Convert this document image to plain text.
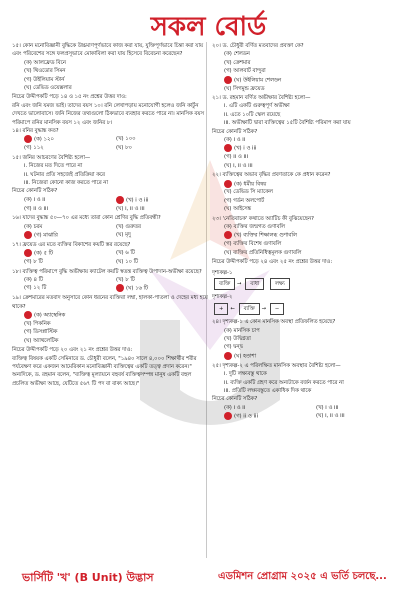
সকল বোর্ড
১৫। কোন মনোবিজ্ঞানী বুদ্ধিকে উচ্চমাণপূর্ণভাবে কাজ করা যায়, যুক্তিপূর্ণভাবে চিন্তা করা যায় এবং পরিবেশের সঙ্গে ফলপ্রসূভাবে মোকাবিলা করা যায় হিসেবে বিবেচনা করেছেন?
(ক) আলফ্রেড বিনে
(খ) থিওডোর সিমন
(গ) উইলিয়াম স্টার্ন
(ঘ) ডেভিড ওয়েক্সলার
নিচের উদ্দীপকটি পড়ে ১৪ ও ১৫ নং প্রশ্নের উত্তর দাও:
রনি এবং জনি যমজ ভাই। তাদের বয়স ১০। রনি লেখাপড়ায় মনোযোগী হলেও জনি কার্টুন দেখতে ভালোবাসে। জনি নিজের তথ্যগুলো ঠিকভাবে ব্যবহার করতে পারে না। মানসিক বয়স পরিমাপে রনির মানসিক বয়স ১২ এবং জনির ৮।
১৪। রনির বুদ্ধাঙ্ক কত?
(ক) ১২০	(খ) ১০০
(গ) ১১২	(ঘ) ৮০
১৫। জনির আচরণের বৈশিষ্ট্য হলো—
i. নিজের মত দিতে পারে না
ii. ঘটনার প্রতি সহজেই প্রতিক্রিয়া করে
iii. নিজেরা কোনো কাজ করতে পারে না
নিচের কোনটি সঠিক?
(ক) i ও ii	(খ) i ও iii
(গ) ii ও iii	(ঘ) i, ii ও iii
১৬। যাদের বুদ্ধাঙ্ক ৫০—৭০ এর মধ্যে তারা কোন শ্রেণির বুদ্ধি প্রতিবন্ধী?
(ক) চরম	(খ) গুরুতর
(গ) মাঝারি	(ঘ) মৃদু
১৭। ফ্রয়েড এর মতে ব্যক্তির বিকাশের কয়টি স্তর রয়েছে?
(ক) ৫ টি	(খ) ৬ টি
(গ) ৮ টি	(ঘ) ১০ টি
১৮। ব্যক্তিত্ব পরিমাপে বুদ্ধি অভীক্ষায় ক্যাটেল কয়টি স্বতন্ত্র ব্যক্তিত্ব উপাদান-অভীক্ষা রয়েছে?
(ক) ৪ টি	(খ) ৮ টি
(গ) ১২ টি	(ঘ) ১৬ টি
১৯। ক্রেশমারের মতবাদ অনুসারে কোন ধরনের ব্যক্তিরা লম্বা, হালকা-পাতলা ও দেহের মধ্য হয়ে থাকে?
(ক) অ্যাস্থেনিক
(খ) পিকনিক
(গ) ডিসপ্লাস্টিক
(ঘ) অ্যাথলেটিক
নিচের উদ্দীপকটি পড়ে ২০ এবং ২১ নং প্রশ্নের উত্তর দাও:
ব্যক্তিত্ব বিষয়ক একটি সেমিনারে ড. চৌধুরী বলেন, "১৯৪০ সালে ৪,০০০ শিক্ষার্থীর শরীর পর্যবেক্ষণ করে একজন আমেরিকান মনোবিজ্ঞানী ব্যক্তিত্বের একটি তত্ত্ব প্রদান করেন।" অন্যদিকে, ড. রহমান বলেন, "ব্যক্তিত্ব মূল্যায়নে বহুবর্ষ ব্যক্তিত্বসম্পন্ন মানুষ একটি বহুল প্রচলিত অভীক্ষা আছে, যেটিতে ৫৬৭ টি পদ বা বাক্য আছে।"
২০। ড. চৌধুরী বর্ণিত মতবাদের প্রবক্তা কে?
(ক) শেলডন
(খ) ক্রেশমার
(গ) আলবার্ট বান্দুরা
(ঘ) উইলিয়াম শেলডন
(ঘ) সিগমুন্ড ফ্রয়েড
২১। ড. রহমান বর্ণিত অভীক্ষার বৈশিষ্ট্য হলো—
i. এটি একটি গুরুত্বপূর্ণ অভীক্ষা
ii. এতে ১০টি স্কেল রয়েছে
iii. অভীক্ষাটি দ্বারা ব্যক্তিত্বের ১৫টি বৈশিষ্ট্য পরিমাপ করা যায়
নিচের কোনটি সঠিক?
(ক) i ও ii
(খ) i ও iii
(গ) ii ও iii
(ঘ) i, ii ও iii
২২। ব্যক্তিত্বের অভাব বৃদ্ধির প্রবণতাকে কে প্রধান করেন?
(ক) ধর্মীয় বিষয়
(খ) ডেভিড সি ম্যাকেল
(গ) গর্ডন অলপোর্ট
(ঘ) আইসেঙ্ক
২৩। 'নেতিবাচক' কথাতে অ্যাটিচ কী বুঝিয়েছেন?
(ক) ব্যক্তির জন্মগত গুণাবলি
(খ) ব্যক্তির শিক্ষালব্ধ গুণাবলি
(গ) ব্যক্তির বিশেষ গুণাবলি
(ঘ) ব্যক্তির প্রতিনিধিত্বমূলক গুণাবলি
নিচের উদ্দীপকটি পড়ে ২৪ এবং ২৫ নং প্রশ্নের উত্তর দাও:
দৃশ্যকল্প-১
ব্যক্তি → বাধা	লক্ষ্য
দৃশ্যকল্প-২
+ ← ব্যক্তি → −
২৪। দৃশ্যকল্প-১ এ কোন মানসিক অবস্থা প্রতিফলিত হয়েছে?
(ক) মানসিক চাপ
(খ) উদ্বিগ্নতা
(গ) দ্বন্দ্ব
(ঘ) হতাশা
২৫। দৃশ্যকল্প-২ এ পরিলক্ষিত মানসিক অবস্থার বৈশিষ্ট্য হলো—
i. দুটি লক্ষ্যবস্তু থাকে
ii. ব্যক্তি একটি গ্রহণ করে অন্যটাকে বর্জন করতে পারে না
iii. প্রতিটি লক্ষ্যবস্তুতে একাধিক দিক থাকে
নিচের কোনটি সঠিক?
(ক) i ও ii	(খ) i ও iii
(গ) ii ও iii	(ঘ) i, ii ও iii
ভার্সিটি 'খ' (B Unit) উদ্ভাস	এডমিশন প্রোগ্রাম ২০২৫ এ ভর্তি চলছে...
